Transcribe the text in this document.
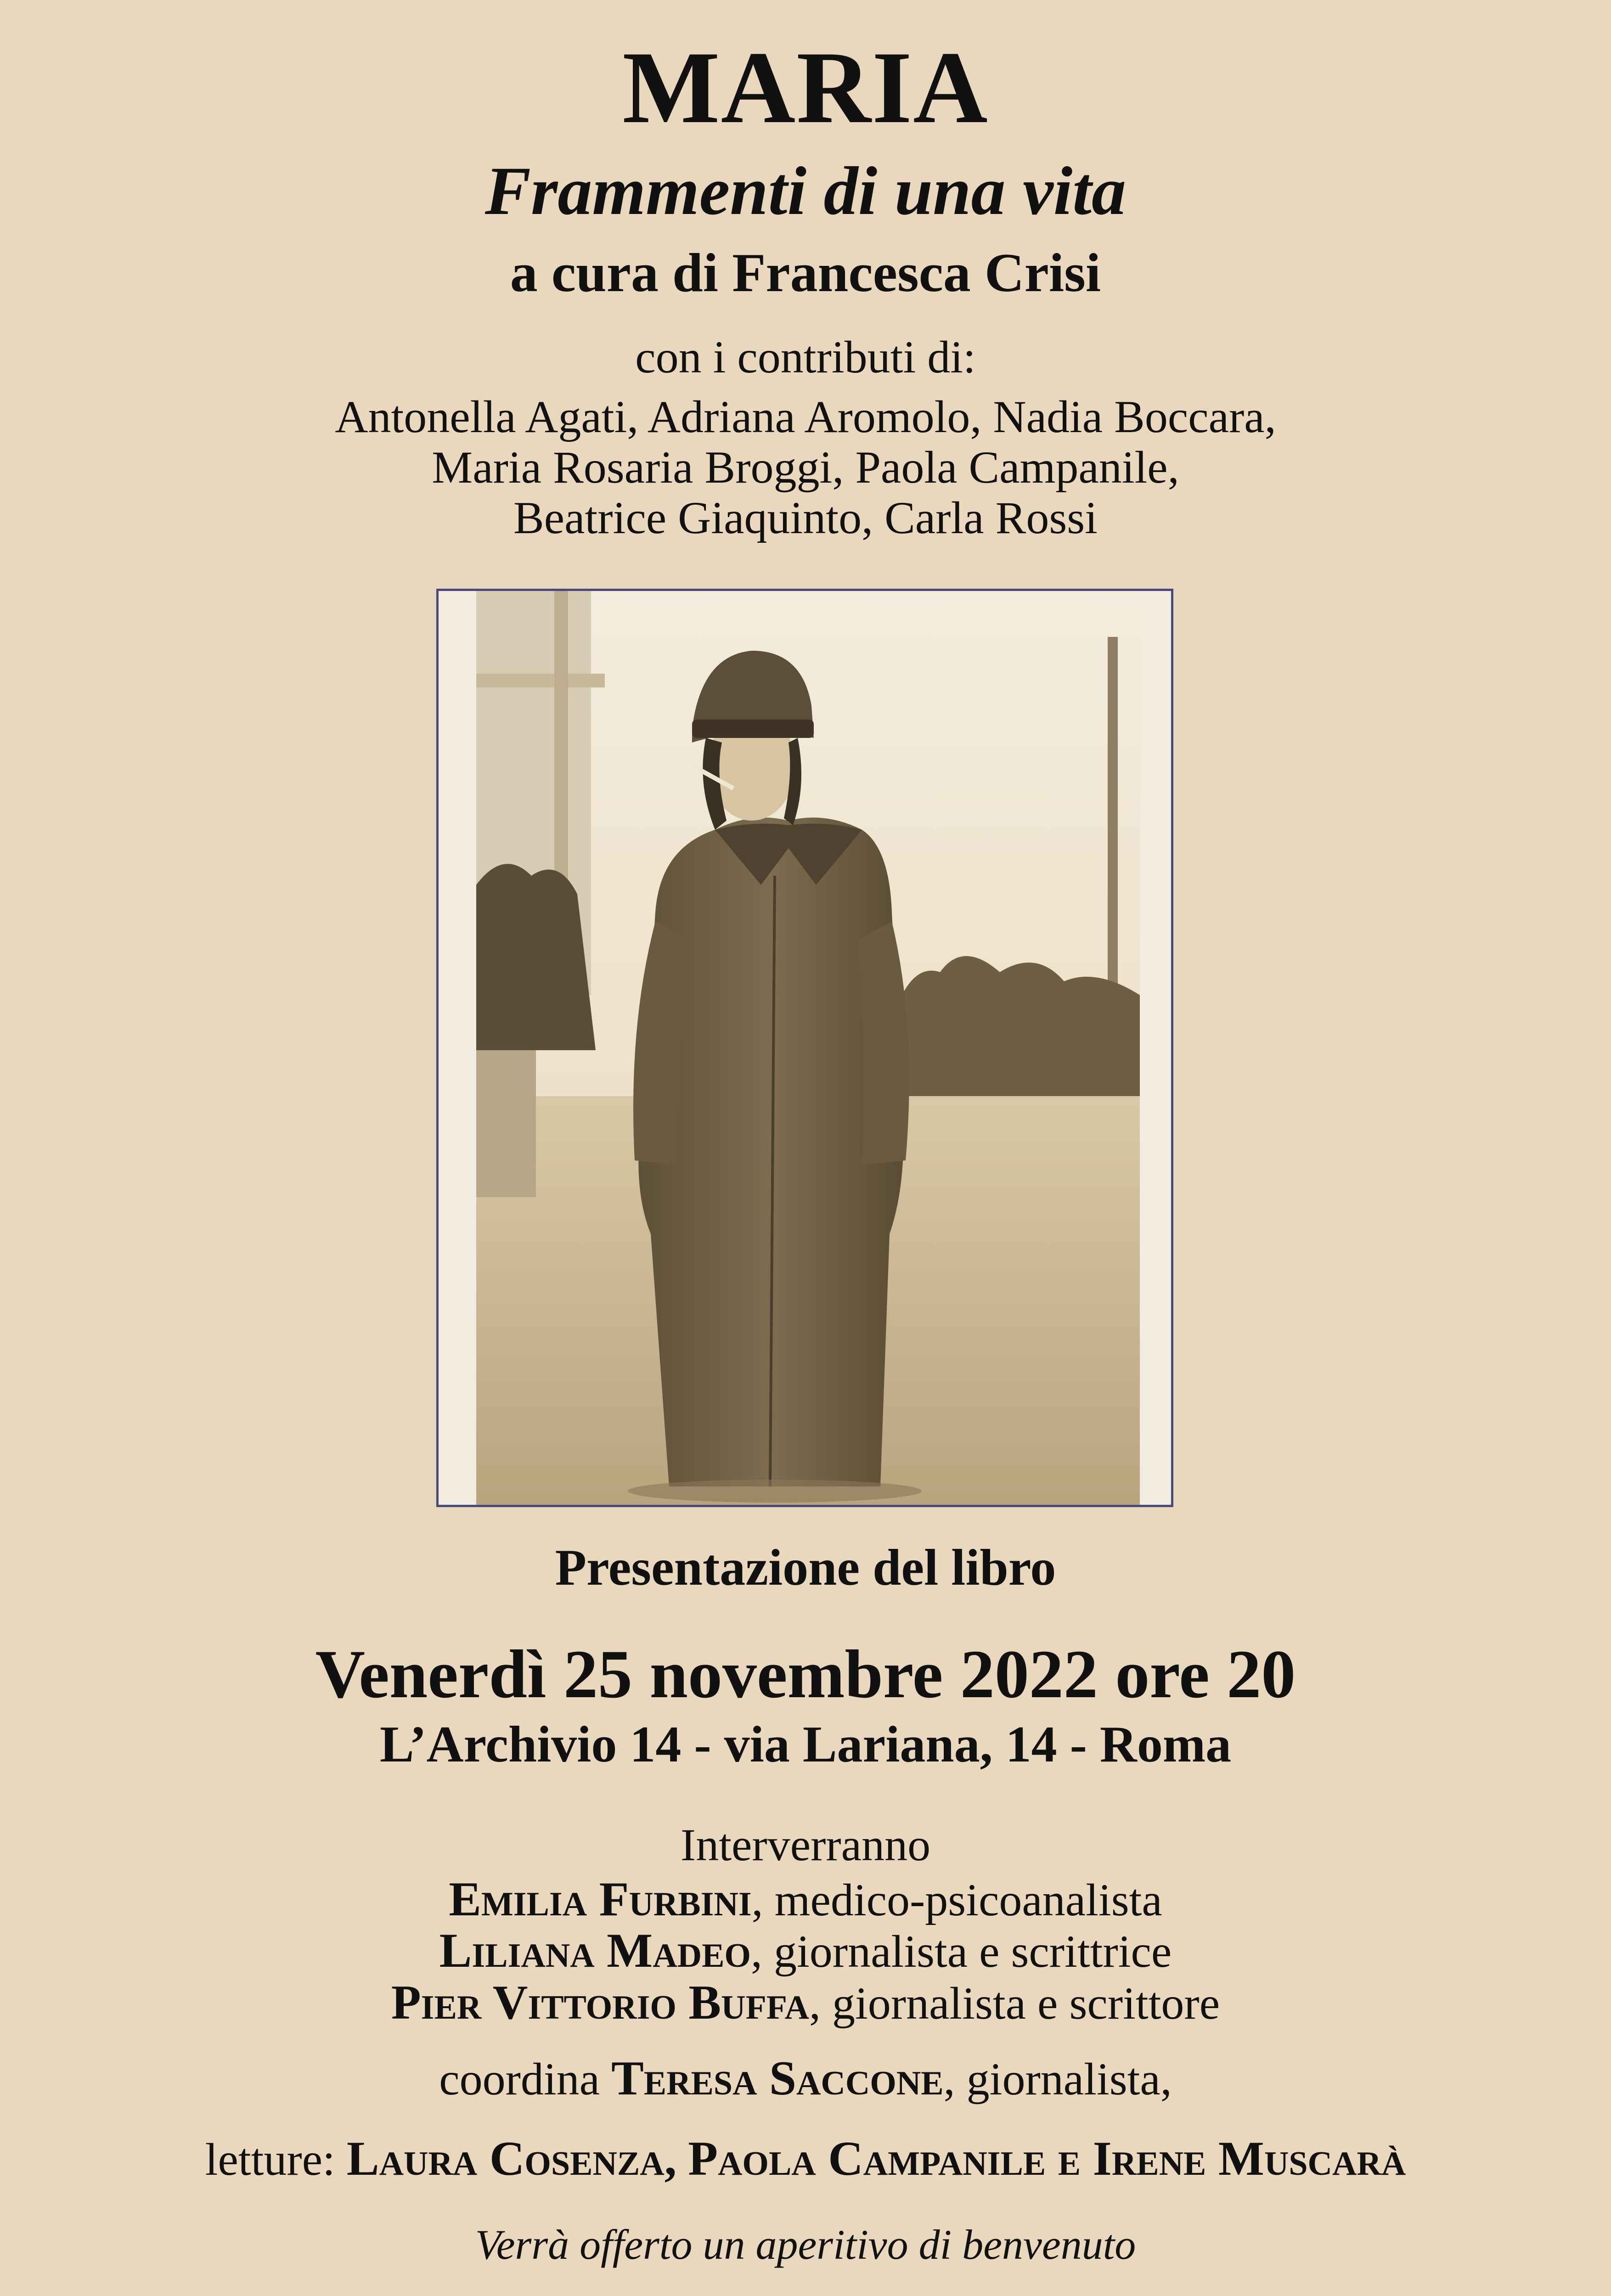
MARIA
Frammenti di una vita
a cura di Francesca Crisi
con i contributi di:
Antonella Agati, Adriana Aromolo, Nadia Boccara,
Maria Rosaria Broggi, Paola Campanile,
Beatrice Giaquinto, Carla Rossi
Presentazione del libro
Venerdì 25 novembre 2022 ore 20
L’Archivio 14 - via Lariana, 14 - Roma
Interverranno
Emilia Furbini, medico-psicoanalista
Liliana Madeo, giornalista e scrittrice
Pier Vittorio Buffa, giornalista e scrittore
coordina Teresa Saccone, giornalista,
letture: Laura Cosenza, Paola Campanile e Irene Muscarà
Verrà offerto un aperitivo di benvenuto
